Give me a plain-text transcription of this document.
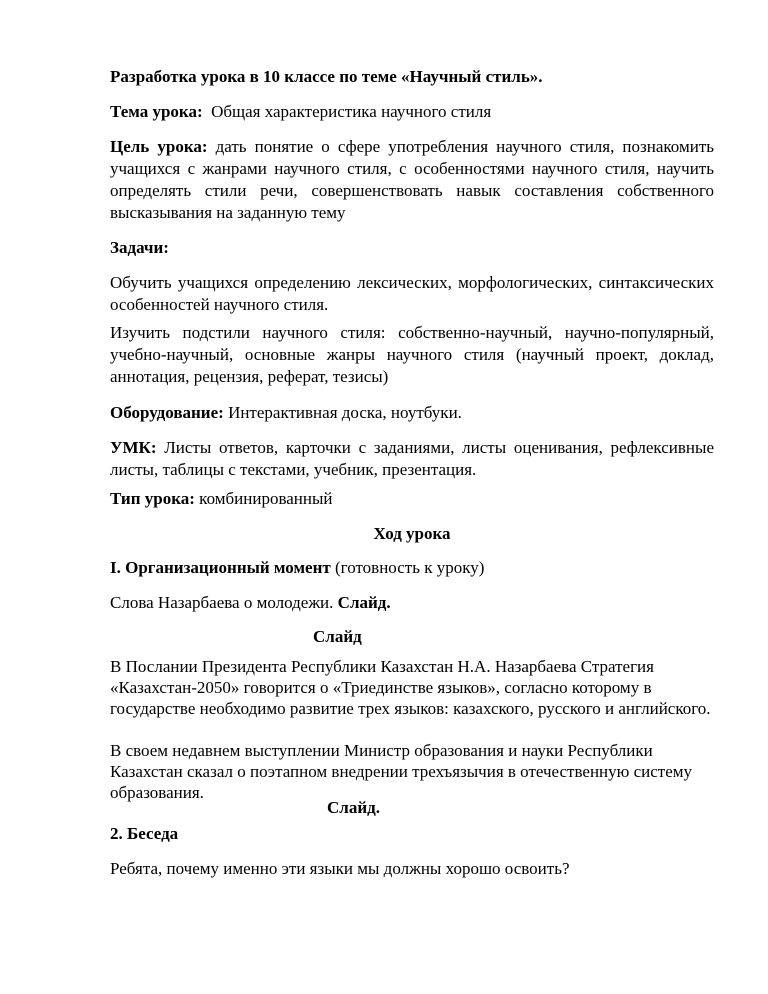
Разработка урока в 10 классе по теме «Научный стиль».
Тема урока: Общая характеристика научного стиля
Цель урока: дать понятие о сфере употребления научного стиля, познакомить учащихся с жанрами научного стиля, с особенностями научного стиля, научить определять стили речи, совершенствовать навык составления собственного высказывания на заданную тему
Задачи:
Обучить учащихся определению лексических, морфологических, синтаксических особенностей научного стиля.
Изучить подстили научного стиля: собственно-научный, научно-популярный, учебно-научный, основные жанры научного стиля (научный проект, доклад, аннотация, рецензия, реферат, тезисы)
Оборудование: Интерактивная доска, ноутбуки.
УМК: Листы ответов, карточки с заданиями, листы оценивания, рефлексивные листы, таблицы с текстами, учебник, презентация.
Тип урока: комбинированный
Ход урока
I. Организационный момент (готовность к уроку)
Слова Назарбаева о молодежи. Слайд.
Слайд
В Послании Президента Республики Казахстан Н.А. Назарбаева Стратегия «Казахстан-2050» говорится о «Триединстве языков», согласно которому в государстве необходимо развитие трех языков: казахского, русского и английского.
В своем недавнем выступлении Министр образования и науки Республики Казахстан сказал о поэтапном внедрении трехъязычия в отечественную систему образования.
Слайд.
2. Беседа
Ребята, почему именно эти языки мы должны хорошо освоить?
